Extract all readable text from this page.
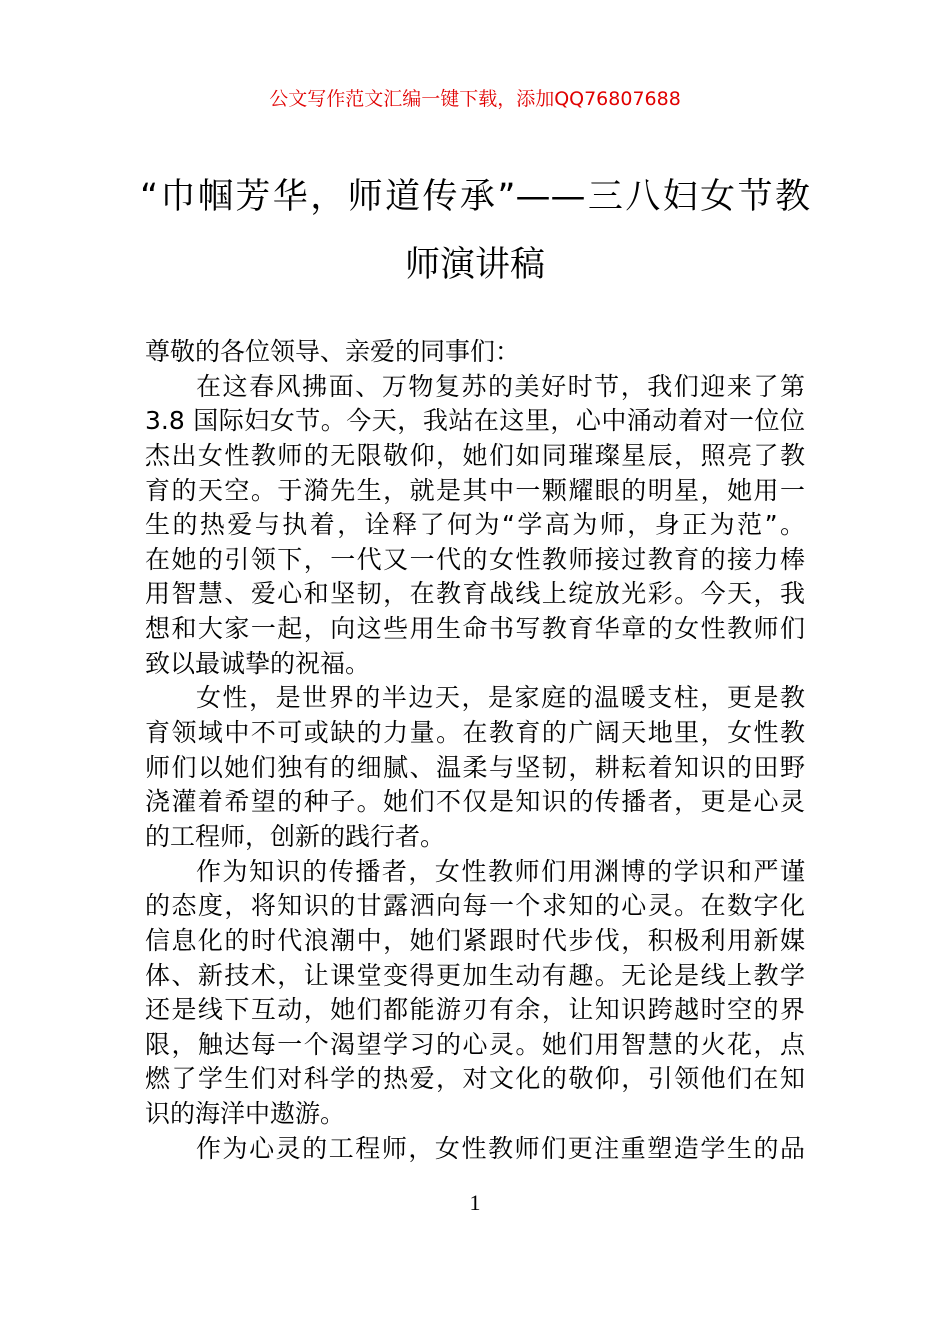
公文写作范文汇编一键下载，添加QQ76807688
“巾帼芳华，师道传承”——三八妇女节教
师演讲稿
尊敬的各位领导、亲爱的同事们：
在这春风拂面、万物复苏的美好时节，我们迎来了第
3.8 国际妇女节。今天，我站在这里，心中涌动着对一位位
杰出女性教师的无限敬仰，她们如同璀璨星辰，照亮了教
育的天空。于漪先生，就是其中一颗耀眼的明星，她用一
生的热爱与执着，诠释了何为“学高为师，身正为范”。
在她的引领下，一代又一代的女性教师接过教育的接力棒
用智慧、爱心和坚韧，在教育战线上绽放光彩。今天，我
想和大家一起，向这些用生命书写教育华章的女性教师们
致以最诚挚的祝福。
女性，是世界的半边天，是家庭的温暖支柱，更是教
育领域中不可或缺的力量。在教育的广阔天地里，女性教
师们以她们独有的细腻、温柔与坚韧，耕耘着知识的田野
浇灌着希望的种子。她们不仅是知识的传播者，更是心灵
的工程师，创新的践行者。
作为知识的传播者，女性教师们用渊博的学识和严谨
的态度，将知识的甘露洒向每一个求知的心灵。在数字化
信息化的时代浪潮中，她们紧跟时代步伐，积极利用新媒
体、新技术，让课堂变得更加生动有趣。无论是线上教学
还是线下互动，她们都能游刃有余，让知识跨越时空的界
限，触达每一个渴望学习的心灵。她们用智慧的火花，点
燃了学生们对科学的热爱，对文化的敬仰，引领他们在知
识的海洋中遨游。
作为心灵的工程师，女性教师们更注重塑造学生的品
1
